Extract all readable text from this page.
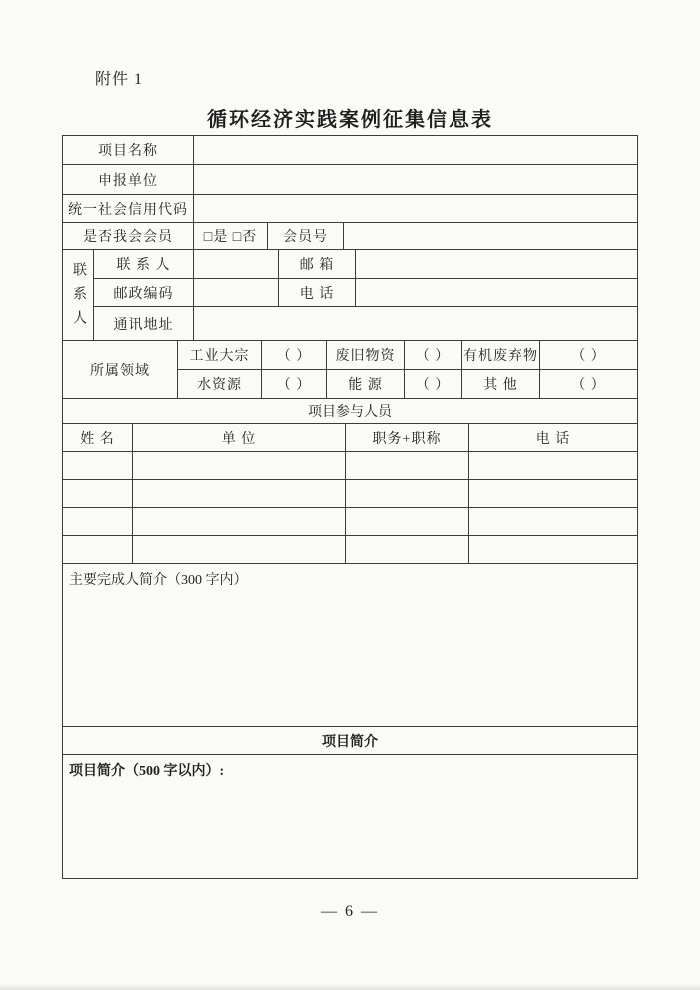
附件 1
循环经济实践案例征集信息表
项目名称
申报单位
统一社会信用代码
是否我会会员	□是 □否	会员号
联系人	联 系 人	邮 箱
邮政编码	电 话
通讯地址
所属领域
工业大宗	（ ）	废旧物资	（ ） 有机废弃物	（ ）
水资源	（ ）	能 源	（ ）	其 他	（ ）
项目参与人员
姓 名	单 位	职务+职称	电 话
主要完成人简介（300 字内）
项目简介
项目简介（500 字以内）:
— 6 —
